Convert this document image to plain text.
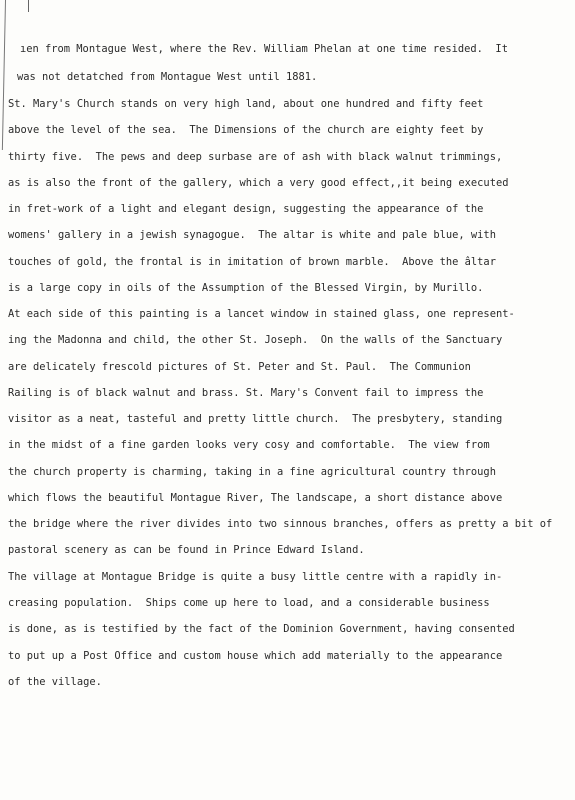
ıen from Montague West, where the Rev. William Phelan at one time resided.  It
was not detatched from Montague West until 1881.
St. Mary's Church stands on very high land, about one hundred and fifty feet
above the level of the sea.  The Dimensions of the church are eighty feet by
thirty five.  The pews and deep surbase are of ash with black walnut trimmings,
as is also the front of the gallery, which a very good effect,,it being executed
in fret-work of a light and elegant design, suggesting the appearance of the
womens' gallery in a jewish synagogue.  The altar is white and pale blue, with
touches of gold, the frontal is in imitation of brown marble.  Above the âltar
is a large copy in oils of the Assumption of the Blessed Virgin, by Murillo.
At each side of this painting is a lancet window in stained glass, one represent-
ing the Madonna and child, the other St. Joseph.  On the walls of the Sanctuary
are delicately frescold pictures of St. Peter and St. Paul.  The Communion
Railing is of black walnut and brass. St. Mary's Convent fail to impress the
visitor as a neat, tasteful and pretty little church.  The presbytery, standing
in the midst of a fine garden looks very cosy and comfortable.  The view from
the church property is charming, taking in a fine agricultural country through
which flows the beautiful Montague River, The landscape, a short distance above
the bridge where the river divides into two sinnous branches, offers as pretty a bit of
pastoral scenery as can be found in Prince Edward Island.
The village at Montague Bridge is quite a busy little centre with a rapidly in-
creasing population.  Ships come up here to load, and a considerable business
is done, as is testified by the fact of the Dominion Government, having consented
to put up a Post Office and custom house which add materially to the appearance
of the village.
